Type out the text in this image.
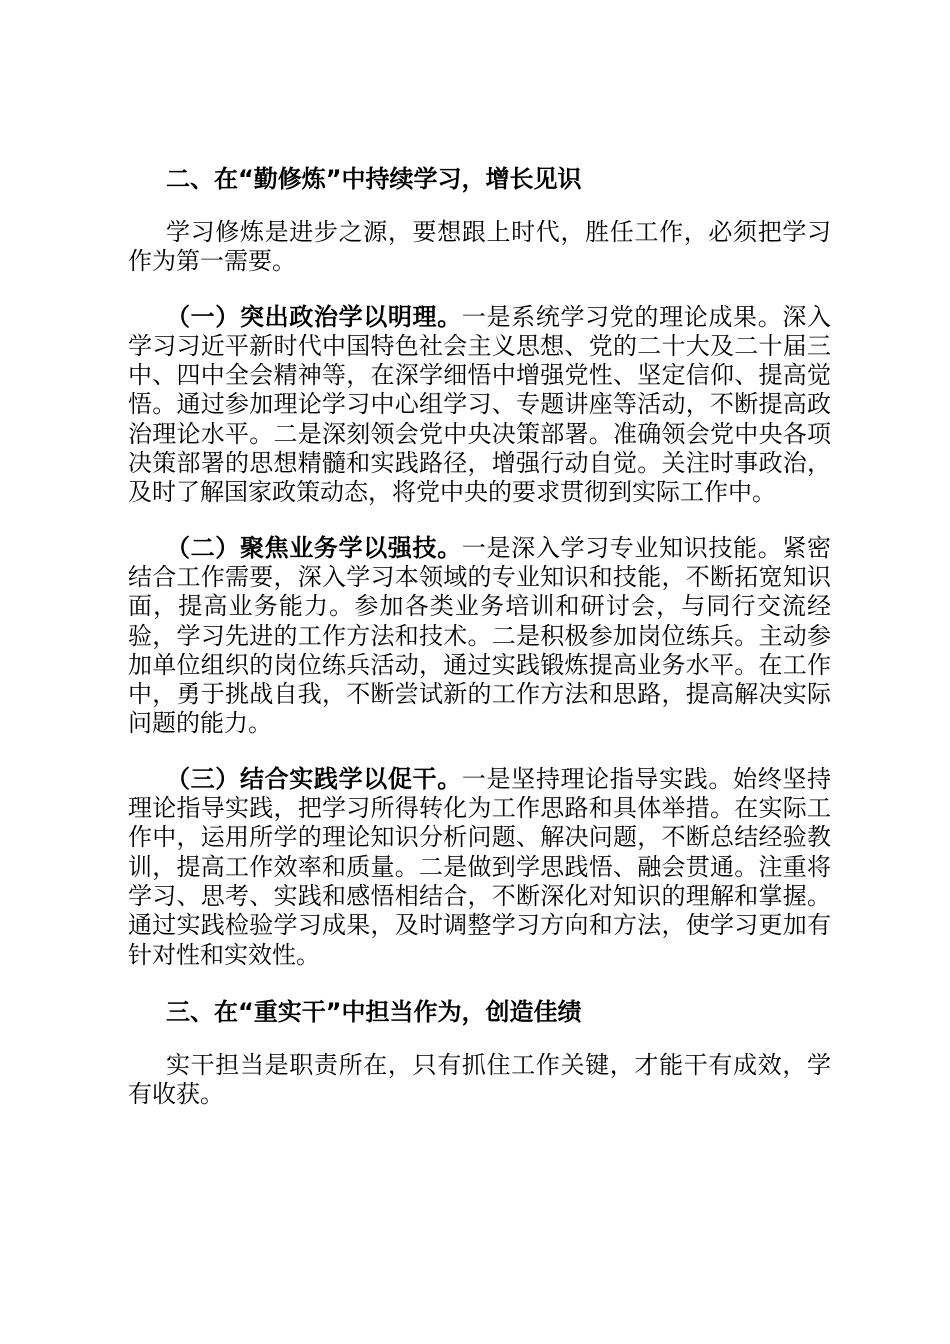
二、在“勤修炼”中持续学习，增长见识

学习修炼是进步之源，要想跟上时代，胜任工作，必须把学习作为第一需要。

（一）突出政治学以明理。一是系统学习党的理论成果。深入学习习近平新时代中国特色社会主义思想、党的二十大及二十届三中、四中全会精神等，在深学细悟中增强党性、坚定信仰、提高觉悟。通过参加理论学习中心组学习、专题讲座等活动，不断提高政治理论水平。二是深刻领会党中央决策部署。准确领会党中央各项决策部署的思想精髓和实践路径，增强行动自觉。关注时事政治，及时了解国家政策动态，将党中央的要求贯彻到实际工作中。

（二）聚焦业务学以强技。一是深入学习专业知识技能。紧密结合工作需要，深入学习本领域的专业知识和技能，不断拓宽知识面，提高业务能力。参加各类业务培训和研讨会，与同行交流经验，学习先进的工作方法和技术。二是积极参加岗位练兵。主动参加单位组织的岗位练兵活动，通过实践锻炼提高业务水平。在工作中，勇于挑战自我，不断尝试新的工作方法和思路，提高解决实际问题的能力。

（三）结合实践学以促干。一是坚持理论指导实践。始终坚持理论指导实践，把学习所得转化为工作思路和具体举措。在实际工作中，运用所学的理论知识分析问题、解决问题，不断总结经验教训，提高工作效率和质量。二是做到学思践悟、融会贯通。注重将学习、思考、实践和感悟相结合，不断深化对知识的理解和掌握。通过实践检验学习成果，及时调整学习方向和方法，使学习更加有针对性和实效性。

三、在“重实干”中担当作为，创造佳绩

实干担当是职责所在，只有抓住工作关键，才能干有成效，学有收获。
